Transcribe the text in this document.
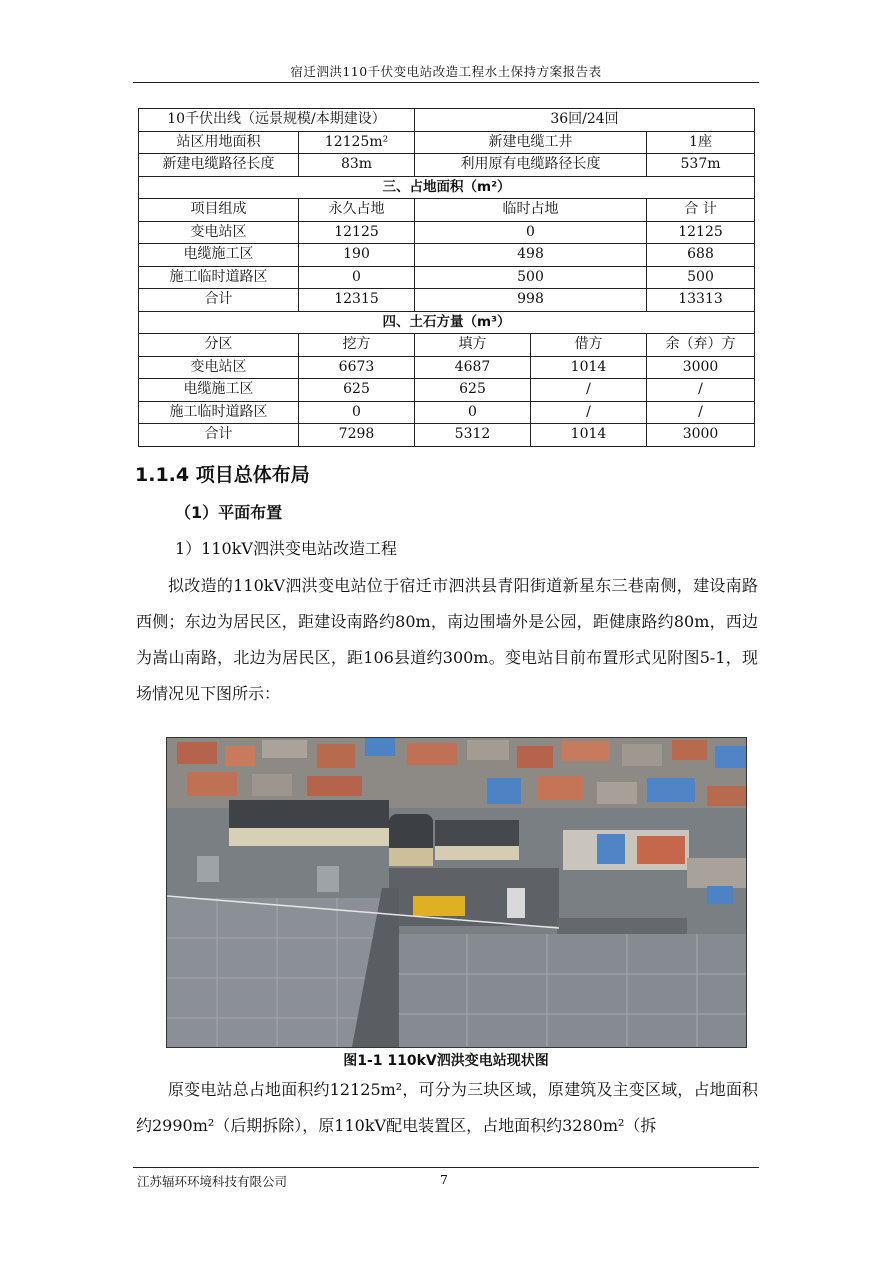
宿迁泗洪110千伏变电站改造工程水土保持方案报告表
10千伏出线（远景规模/本期建设）		36回/24回		
站区用地面积	12125m²	新建电缆工井		1座
新建电缆路径长度	83m	利用原有电缆路径长度		537m
三、占地面积（m²）				
项目组成	永久占地	临时占地		合 计
变电站区	12125	0		12125
电缆施工区	190	498		688
施工临时道路区	0	500		500
合计	12315	998		13313
四、土石方量（m³）				
分区	挖方	填方	借方	余（弃）方
变电站区	6673	4687	1014	3000
电缆施工区	625	625	/	/
施工临时道路区	0	0	/	/
合计	7298	5312	1014	3000
1.1.4 项目总体布局
（1）平面布置
1）110kV泗洪变电站改造工程

拟改造的110kV泗洪变电站位于宿迁市泗洪县青阳街道新星东三巷南侧，建设南路西侧；东边为居民区，距建设南路约80m，南边围墙外是公园，距健康路约80m，西边为嵩山南路，北边为居民区，距106县道约300m。变电站目前布置形式见附图5-1，现场情况见下图所示：

图1-1 110kV泗洪变电站现状图

原变电站总占地面积约12125m²，可分为三块区域，原建筑及主变区域，占地面积约2990m²（后期拆除），原110kV配电装置区，占地面积约3280m²（拆

江苏辐环环境科技有限公司	7
